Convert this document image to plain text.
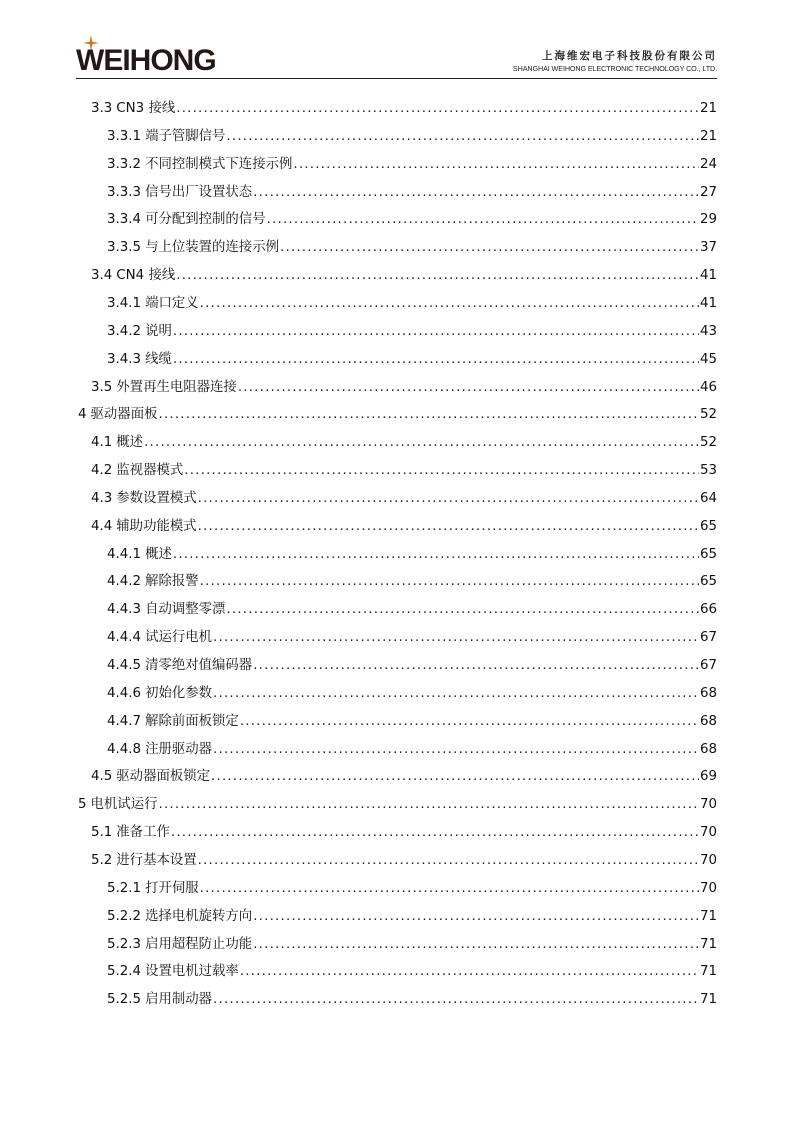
WEIHONG	上海维宏电子科技股份有限公司
SHANGHAI WEIHONG ELECTRONIC TECHNOLOGY CO., LTD.
3.3 CN3 接线 .....	21
3.3.1 端子管脚信号 .....	21
3.3.2 不同控制模式下连接示例 .....	24
3.3.3 信号出厂设置状态 .....	27
3.3.4 可分配到控制的信号 .....	29
3.3.5 与上位装置的连接示例 .....	37
3.4 CN4 接线 .....	41
3.4.1 端口定义 .....	41
3.4.2 说明 .....	43
3.4.3 线缆 .....	45
3.5 外置再生电阻器连接 .....	46
4 驱动器面板 .....	52
4.1 概述 .....	52
4.2 监视器模式 .....	53
4.3 参数设置模式 .....	64
4.4 辅助功能模式 .....	65
4.4.1 概述 .....	65
4.4.2 解除报警 .....	65
4.4.3 自动调整零漂 .....	66
4.4.4 试运行电机 .....	67
4.4.5 清零绝对值编码器 .....	67
4.4.6 初始化参数 .....	68
4.4.7 解除前面板锁定 .....	68
4.4.8 注册驱动器 .....	68
4.5 驱动器面板锁定 .....	69
5 电机试运行 .....	70
5.1 准备工作 .....	70
5.2 进行基本设置 .....	70
5.2.1 打开伺服 .....	70
5.2.2 选择电机旋转方向 .....	71
5.2.3 启用超程防止功能 .....	71
5.2.4 设置电机过载率 .....	71
5.2.5 启用制动器 .....	71
